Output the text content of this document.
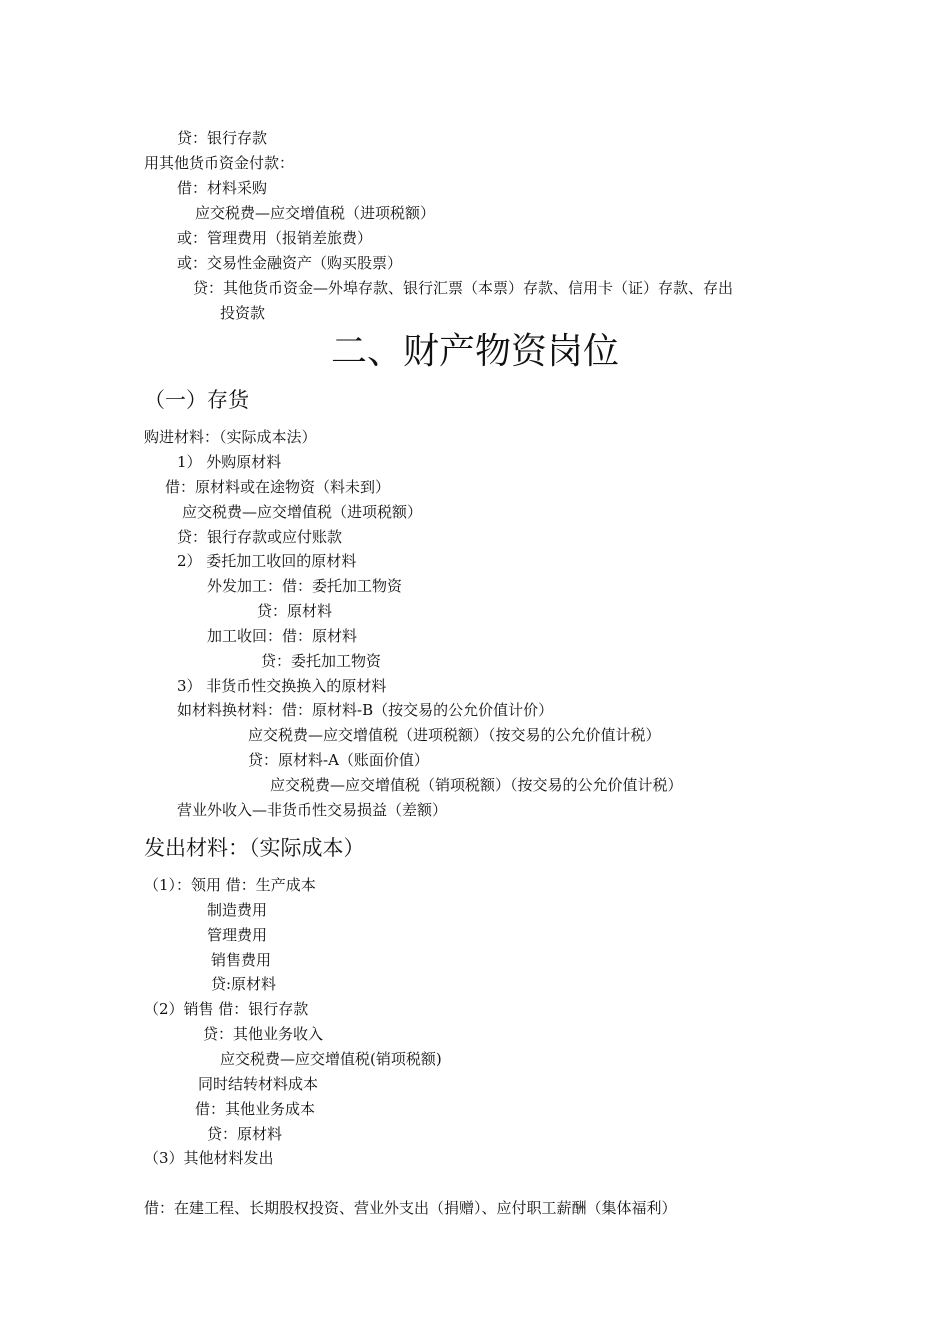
贷：银行存款
用其他货币资金付款：
借：材料采购
应交税费—应交增值税（进项税额）
或：管理费用（报销差旅费）
或：交易性金融资产（购买股票）
贷：其他货币资金—外埠存款、银行汇票（本票）存款、信用卡（证）存款、存出
投资款
二、财产物资岗位
（一）存货
购进材料：（实际成本法）
1） 外购原材料
借：原材料或在途物资（料未到）
应交税费—应交增值税（进项税额）
贷：银行存款或应付账款
2） 委托加工收回的原材料
外发加工：借：委托加工物资
贷：原材料
加工收回：借：原材料
贷：委托加工物资
3） 非货币性交换换入的原材料
如材料换材料：借：原材料-B（按交易的公允价值计价）
应交税费—应交增值税（进项税额）（按交易的公允价值计税）
贷：原材料-A（账面价值）
应交税费—应交增值税（销项税额）（按交易的公允价值计税）
营业外收入—非货币性交易损益（差额）
发出材料：（实际成本）
（1）：领用 借：生产成本
制造费用
管理费用
销售费用
贷:原材料
（2）销售 借：银行存款
贷：其他业务收入
应交税费—应交增值税(销项税额)
同时结转材料成本
借：其他业务成本
贷：原材料
（3）其他材料发出
借：在建工程、长期股权投资、营业外支出（捐赠）、应付职工薪酬（集体福利）
